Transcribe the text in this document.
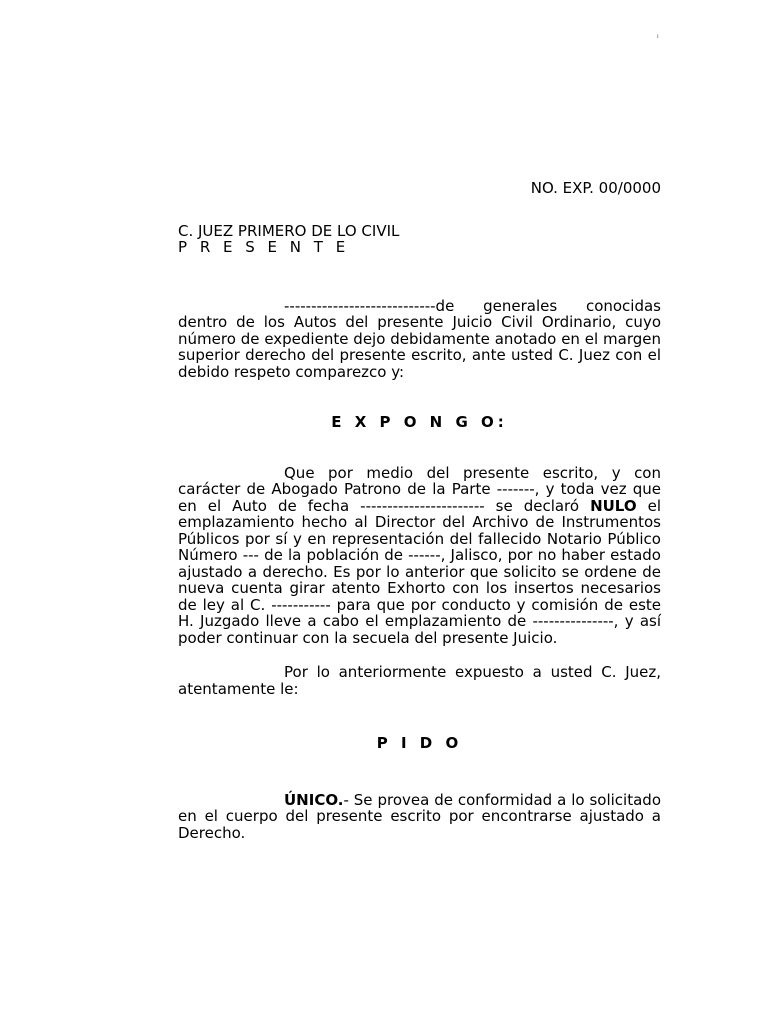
ı

NO. EXP. 00/0000

C. JUEZ PRIMERO DE LO CIVIL
P R E S E N T E

----------------------------de generales conocidas dentro de los Autos del presente Juicio Civil Ordinario, cuyo número de expediente dejo debidamente anotado en el margen superior derecho del presente escrito, ante usted C. Juez con el debido respeto comparezco y:

E X P O N G O:

Que por medio del presente escrito, y con carácter de Abogado Patrono de la Parte -------, y toda vez que en el Auto de fecha ----------------------- se declaró NULO el emplazamiento hecho al Director del Archivo de Instrumentos Públicos por sí y en representación del fallecido Notario Público Número --- de la población de ------, Jalisco, por no haber estado ajustado a derecho. Es por lo anterior que solicito se ordene de nueva cuenta girar atento Exhorto con los insertos necesarios de ley al C. ----------- para que por conducto y comisión de este H. Juzgado lleve a cabo el emplazamiento de ---------------, y así poder continuar con la secuela del presente Juicio.

Por lo anteriormente expuesto a usted C. Juez, atentamente le:

P I D O

ÚNICO.- Se provea de conformidad a lo solicitado en el cuerpo del presente escrito por encontrarse ajustado a Derecho.
